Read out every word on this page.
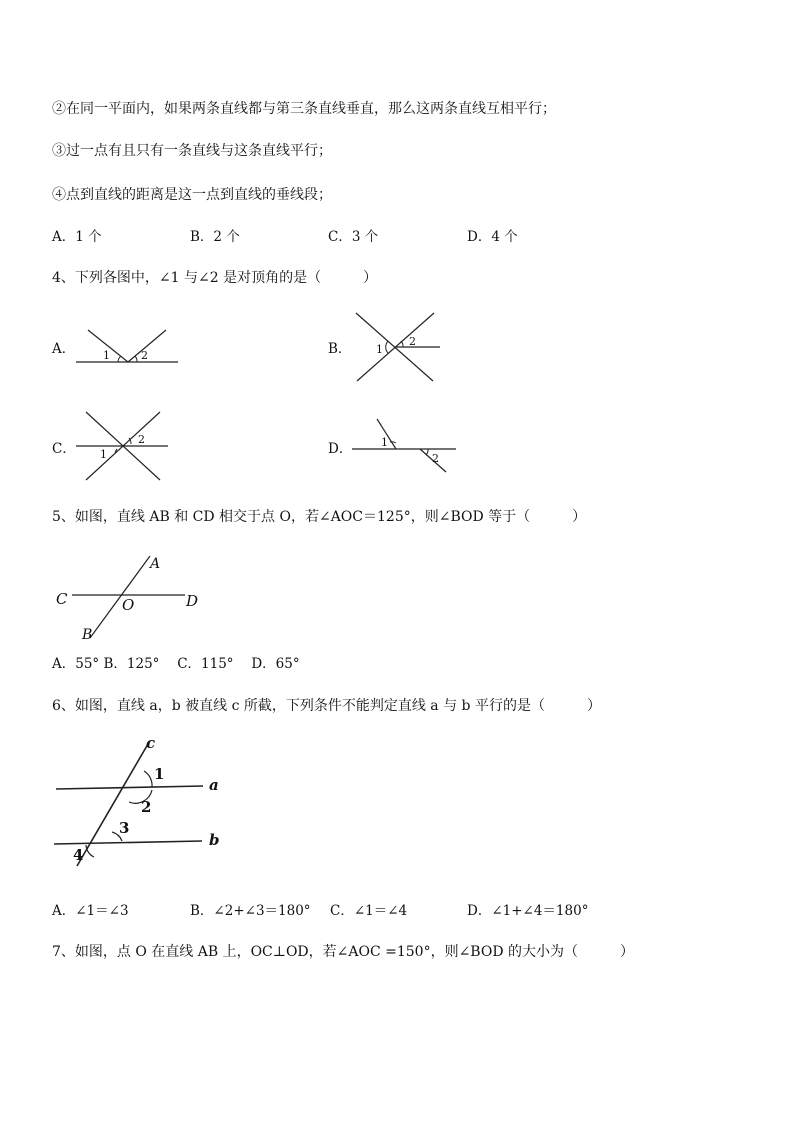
②在同一平面内，如果两条直线都与第三条直线垂直，那么这两条直线互相平行；
③过一点有且只有一条直线与这条直线平行；
④点到直线的距离是这一点到直线的垂线段；
A．1 个	B．2 个	C．3 个	D．4 个
4、下列各图中，∠1 与∠2 是对顶角的是（　　　）
A．	1	2	B． 1
2
C． 1
2
D．	1
2
5、如图，直线 AB 和 CD 相交于点 O，若∠AOC＝125°，则∠BOD 等于（　　　）
A
C	D
O
B
A．55° B．125°　 C．115°　 D．65°
6、如图，直线 a，b 被直线 c 所截，下列条件不能判定直线 a 与 b 平行的是（　　　）
c
a
b
1
2
3
4
A．∠1＝∠3	B．∠2+∠3＝180° C．∠1＝∠4	D．∠1+∠4＝180°
7、如图，点 O 在直线 AB 上，OC⊥OD，若∠AOC =150°，则∠BOD 的大小为（　　　）
